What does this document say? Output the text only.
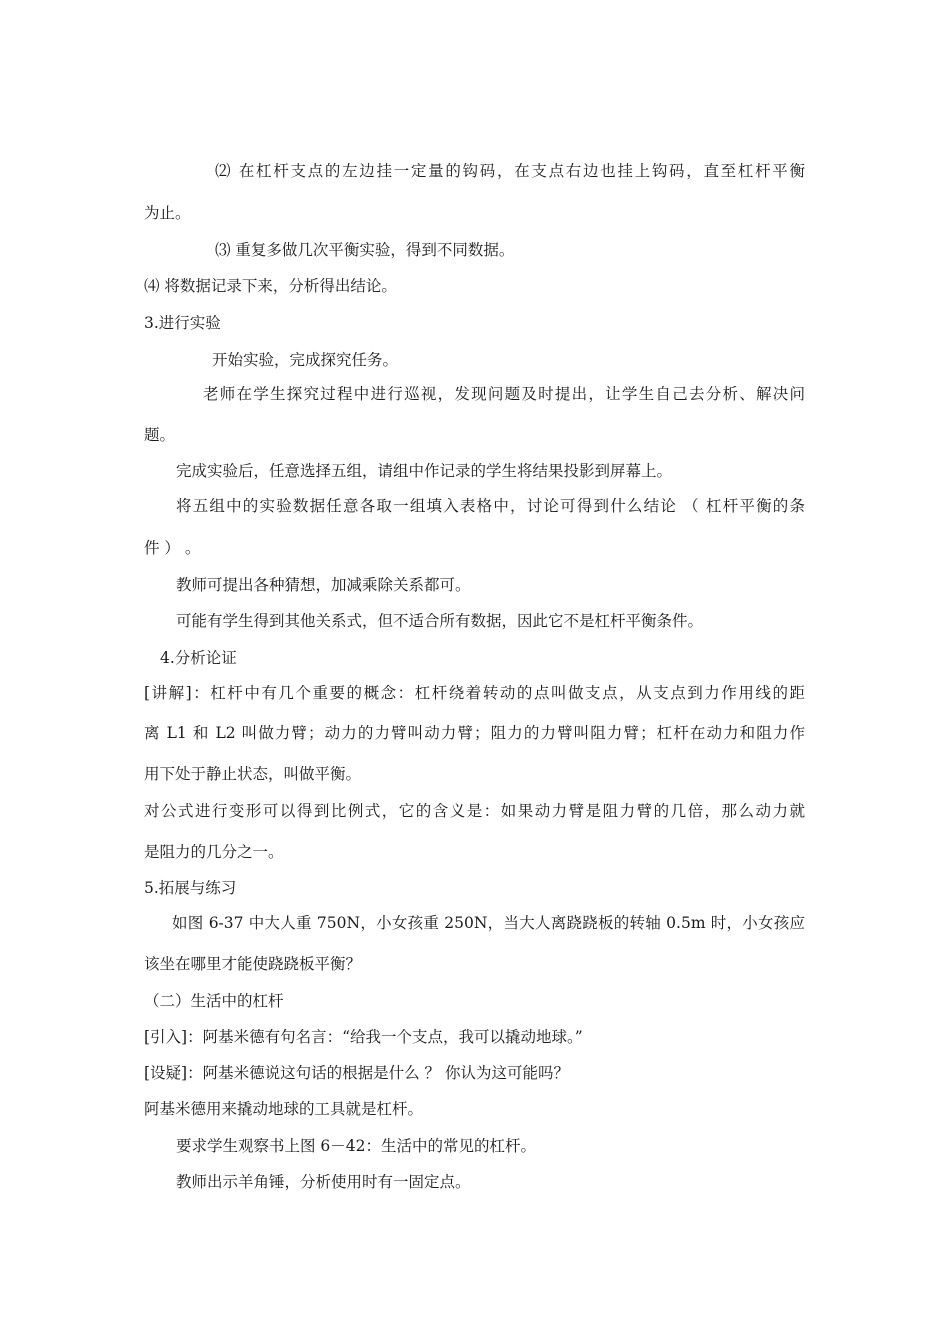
⑵ 在杠杆支点的左边挂一定量的钩码，在支点右边也挂上钩码，直至杠杆平衡
为止。
⑶ 重复多做几次平衡实验，得到不同数据。
⑷ 将数据记录下来，分析得出结论。
3.进行实验
开始实验，完成探究任务。
老师在学生探究过程中进行巡视，发现问题及时提出，让学生自己去分析、解决问
题。
完成实验后，任意选择五组，请组中作记录的学生将结果投影到屏幕上。
将五组中的实验数据任意各取一组填入表格中，讨论可得到什么结论 （ 杠杆平衡的条
件 ） 。
教师可提出各种猜想，加减乘除关系都可。
可能有学生得到其他关系式，但不适合所有数据，因此它不是杠杆平衡条件。
4.分析论证
[讲解]：杠杆中有几个重要的概念：杠杆绕着转动的点叫做支点，从支点到力作用线的距
离 L1 和 L2 叫做力臂；动力的力臂叫动力臂；阻力的力臂叫阻力臂；杠杆在动力和阻力作
用下处于静止状态，叫做平衡。
对公式进行变形可以得到比例式，它的含义是：如果动力臂是阻力臂的几倍，那么动力就
是阻力的几分之一。
5.拓展与练习
如图 6-37 中大人重 750N，小女孩重 250N，当大人离跷跷板的转轴 0.5m 时，小女孩应
该坐在哪里才能使跷跷板平衡？
（二）生活中的杠杆
[引入]：阿基米德有句名言：“给我一个支点，我可以撬动地球。”
[设疑]：阿基米德说这句话的根据是什么 ？ 你认为这可能吗？
阿基米德用来撬动地球的工具就是杠杆。
要求学生观察书上图 6－42：生活中的常见的杠杆。
教师出示羊角锤，分析使用时有一固定点。
